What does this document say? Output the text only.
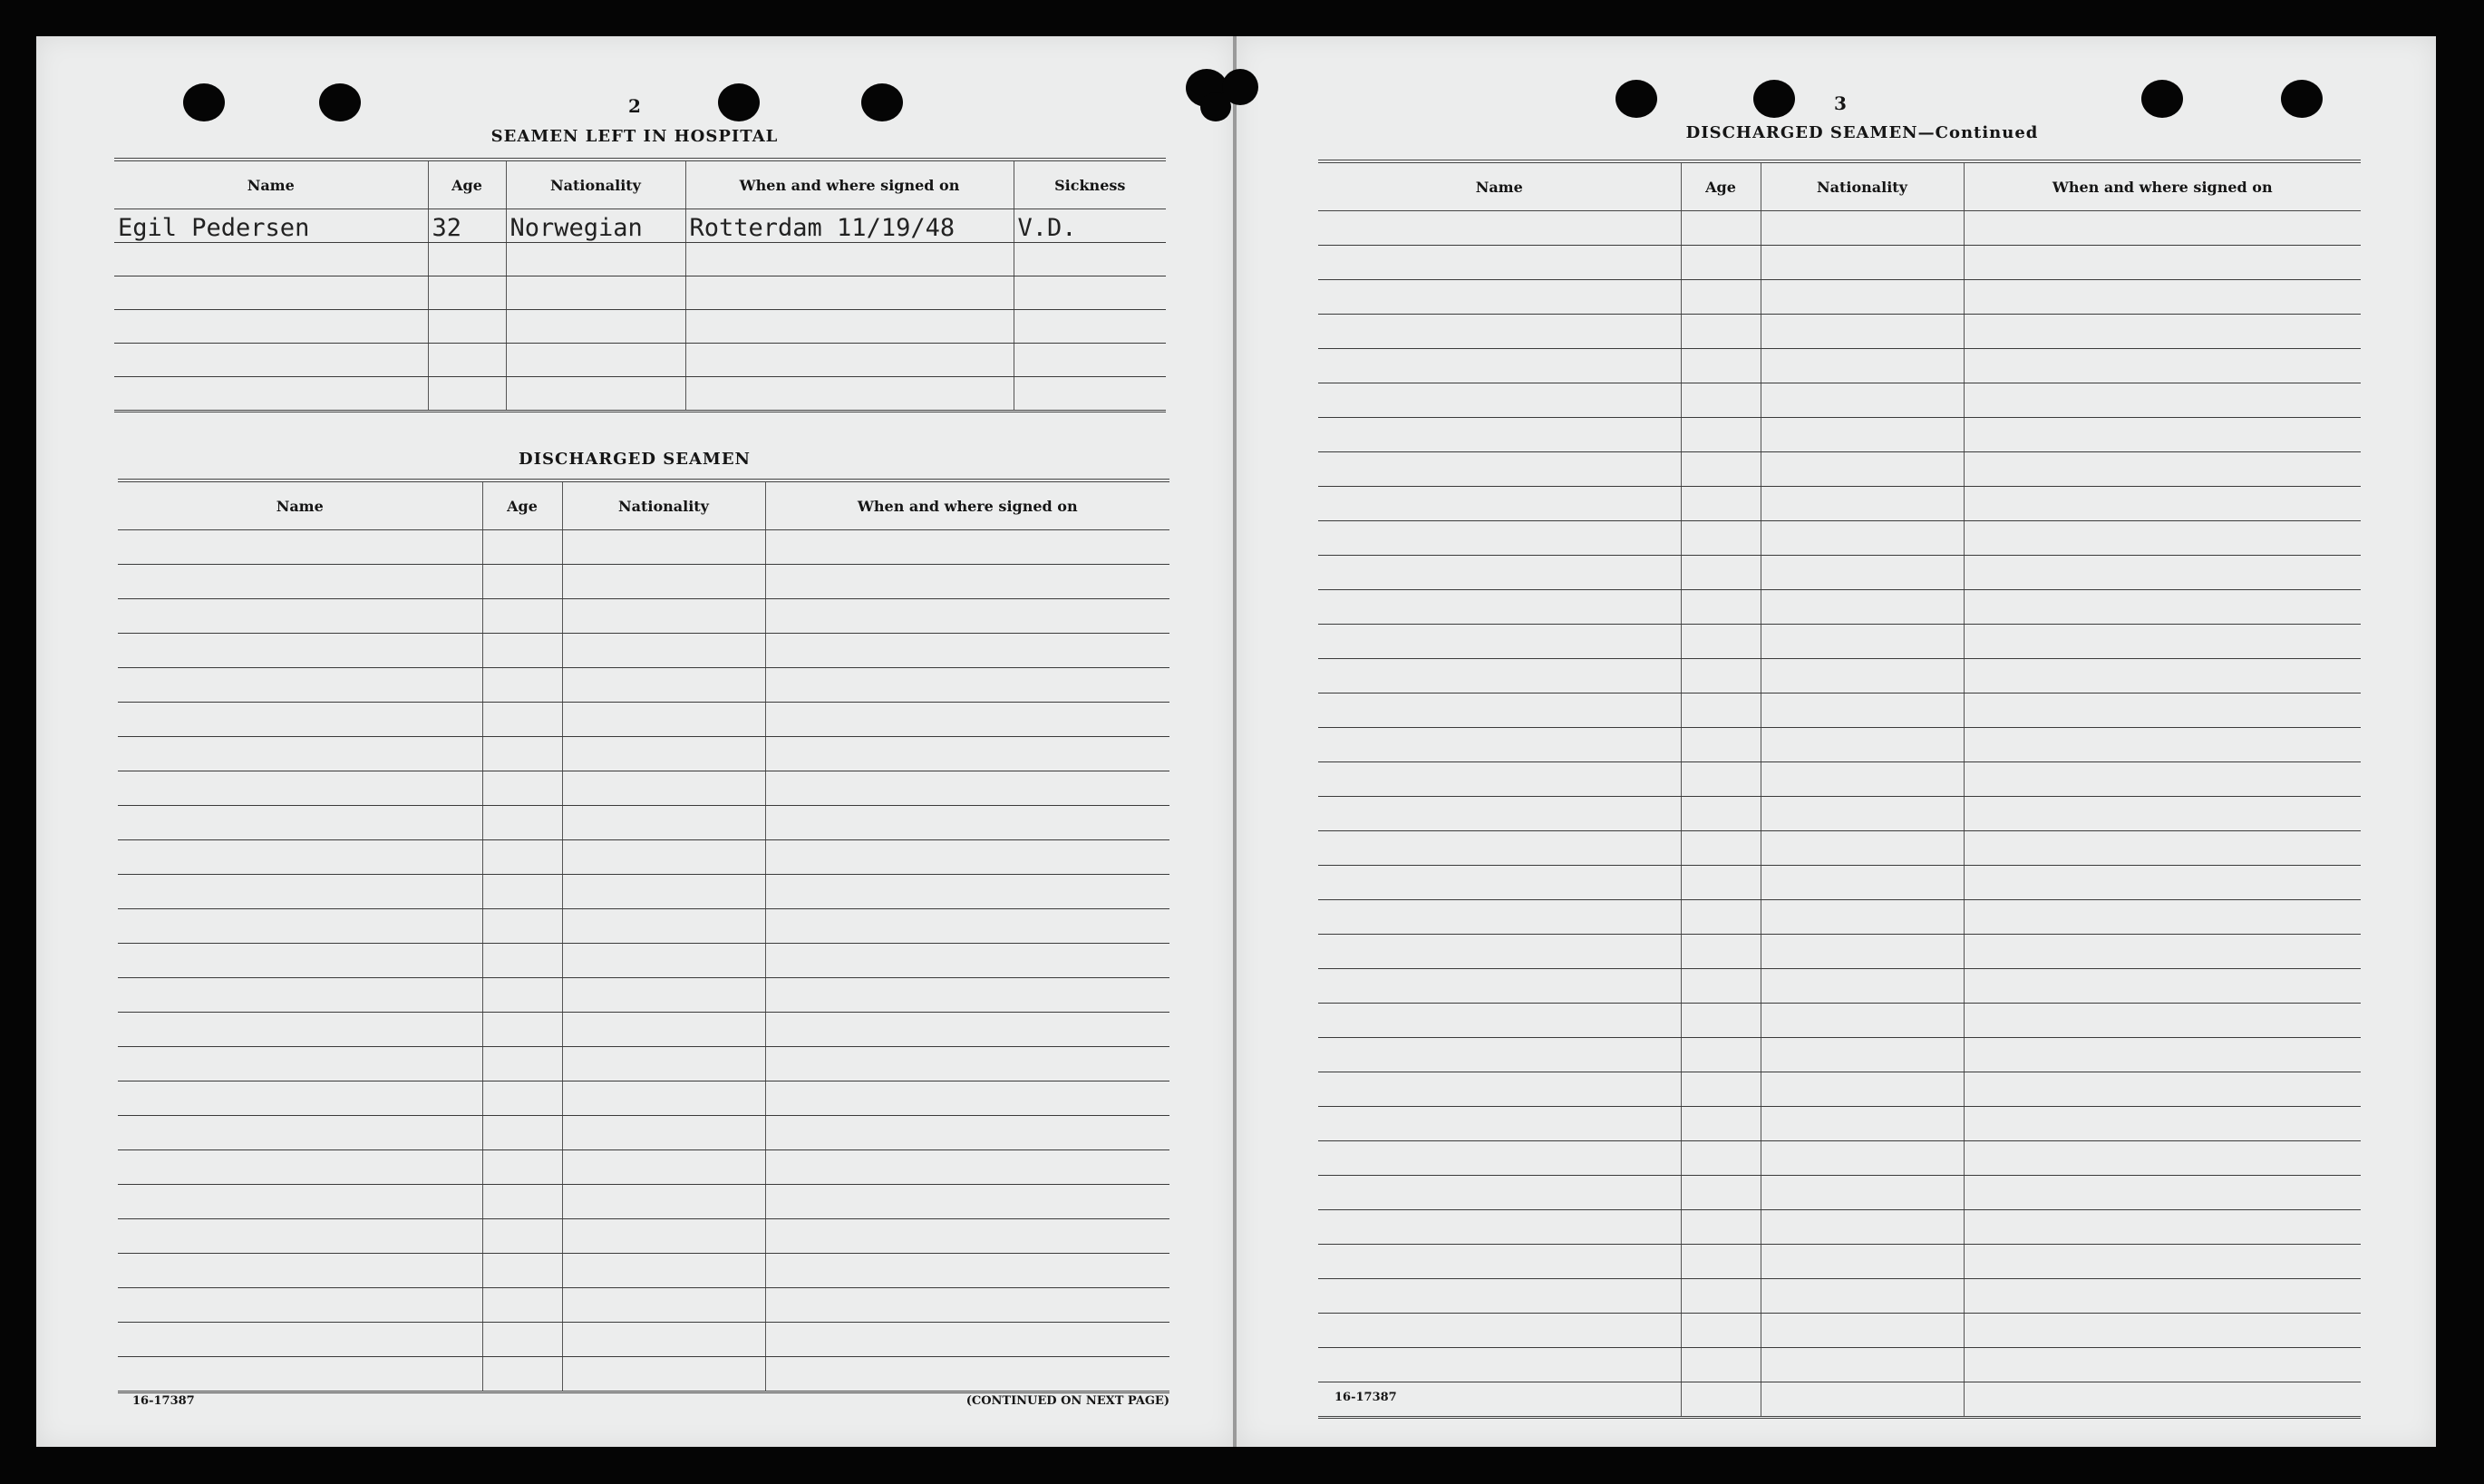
2
SEAMEN LEFT IN HOSPITAL
Name	Age	Nationality	When and where signed on	Sickness
Egil Pedersen	32	Norwegian	Rotterdam 11/19/48	V.D.

DISCHARGED SEAMEN
Name	Age	Nationality	When and where signed on

16-17387	(CONTINUED ON NEXT PAGE)
3
DISCHARGED SEAMEN—Continued
Name	Age	Nationality	When and where signed on

16-17387
